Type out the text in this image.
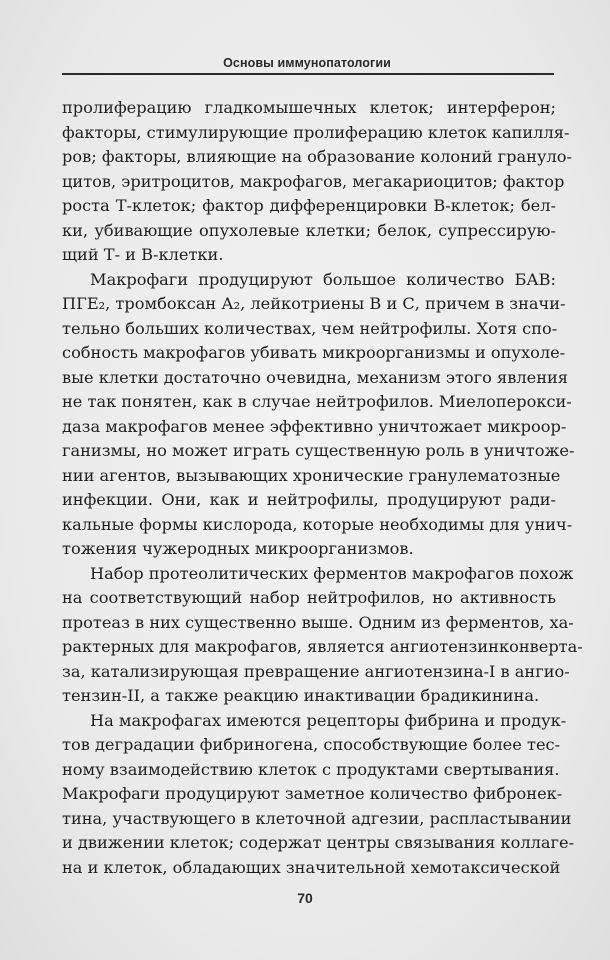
Основы иммунопатологии

пролиферацию гладкомышечных клеток; интерферон;
факторы, стимулирующие пролиферацию клеток капилля-
ров; факторы, влияющие на образование колоний грануло-
цитов, эритроцитов, макрофагов, мегакариоцитов; фактор
роста Т-клеток; фактор дифференцировки В-клеток; бел-
ки, убивающие опухолевые клетки; белок, супрессирую-
щий Т- и В-клетки.

Макрофаги продуцируют большое количество БАВ:
ПГЕ₂, тромбоксан А₂, лейкотриены В и С, причем в значи-
тельно больших количествах, чем нейтрофилы. Хотя спо-
собность макрофагов убивать микроорганизмы и опухоле-
вые клетки достаточно очевидна, механизм этого явления
не так понятен, как в случае нейтрофилов. Миелоперокси-
даза макрофагов менее эффективно уничтожает микроор-
ганизмы, но может играть существенную роль в уничтоже-
нии агентов, вызывающих хронические гранулематозные
инфекции. Они, как и нейтрофилы, продуцируют ради-
кальные формы кислорода, которые необходимы для унич-
тожения чужеродных микроорганизмов.

Набор протеолитических ферментов макрофагов похож
на соответствующий набор нейтрофилов, но активность
протеаз в них существенно выше. Одним из ферментов, ха-
рактерных для макрофагов, является ангиотензинконверта-
за, катализирующая превращение ангиотензина-I в ангио-
тензин-II, а также реакцию инактивации брадикинина.

На макрофагах имеются рецепторы фибрина и продук-
тов деградации фибриногена, способствующие более тес-
ному взаимодействию клеток с продуктами свертывания.
Макрофаги продуцируют заметное количество фибронек-
тина, участвующего в клеточной адгезии, распластывании
и движении клеток; содержат центры связывания коллаге-
на и клеток, обладающих значительной хемотаксической

70
